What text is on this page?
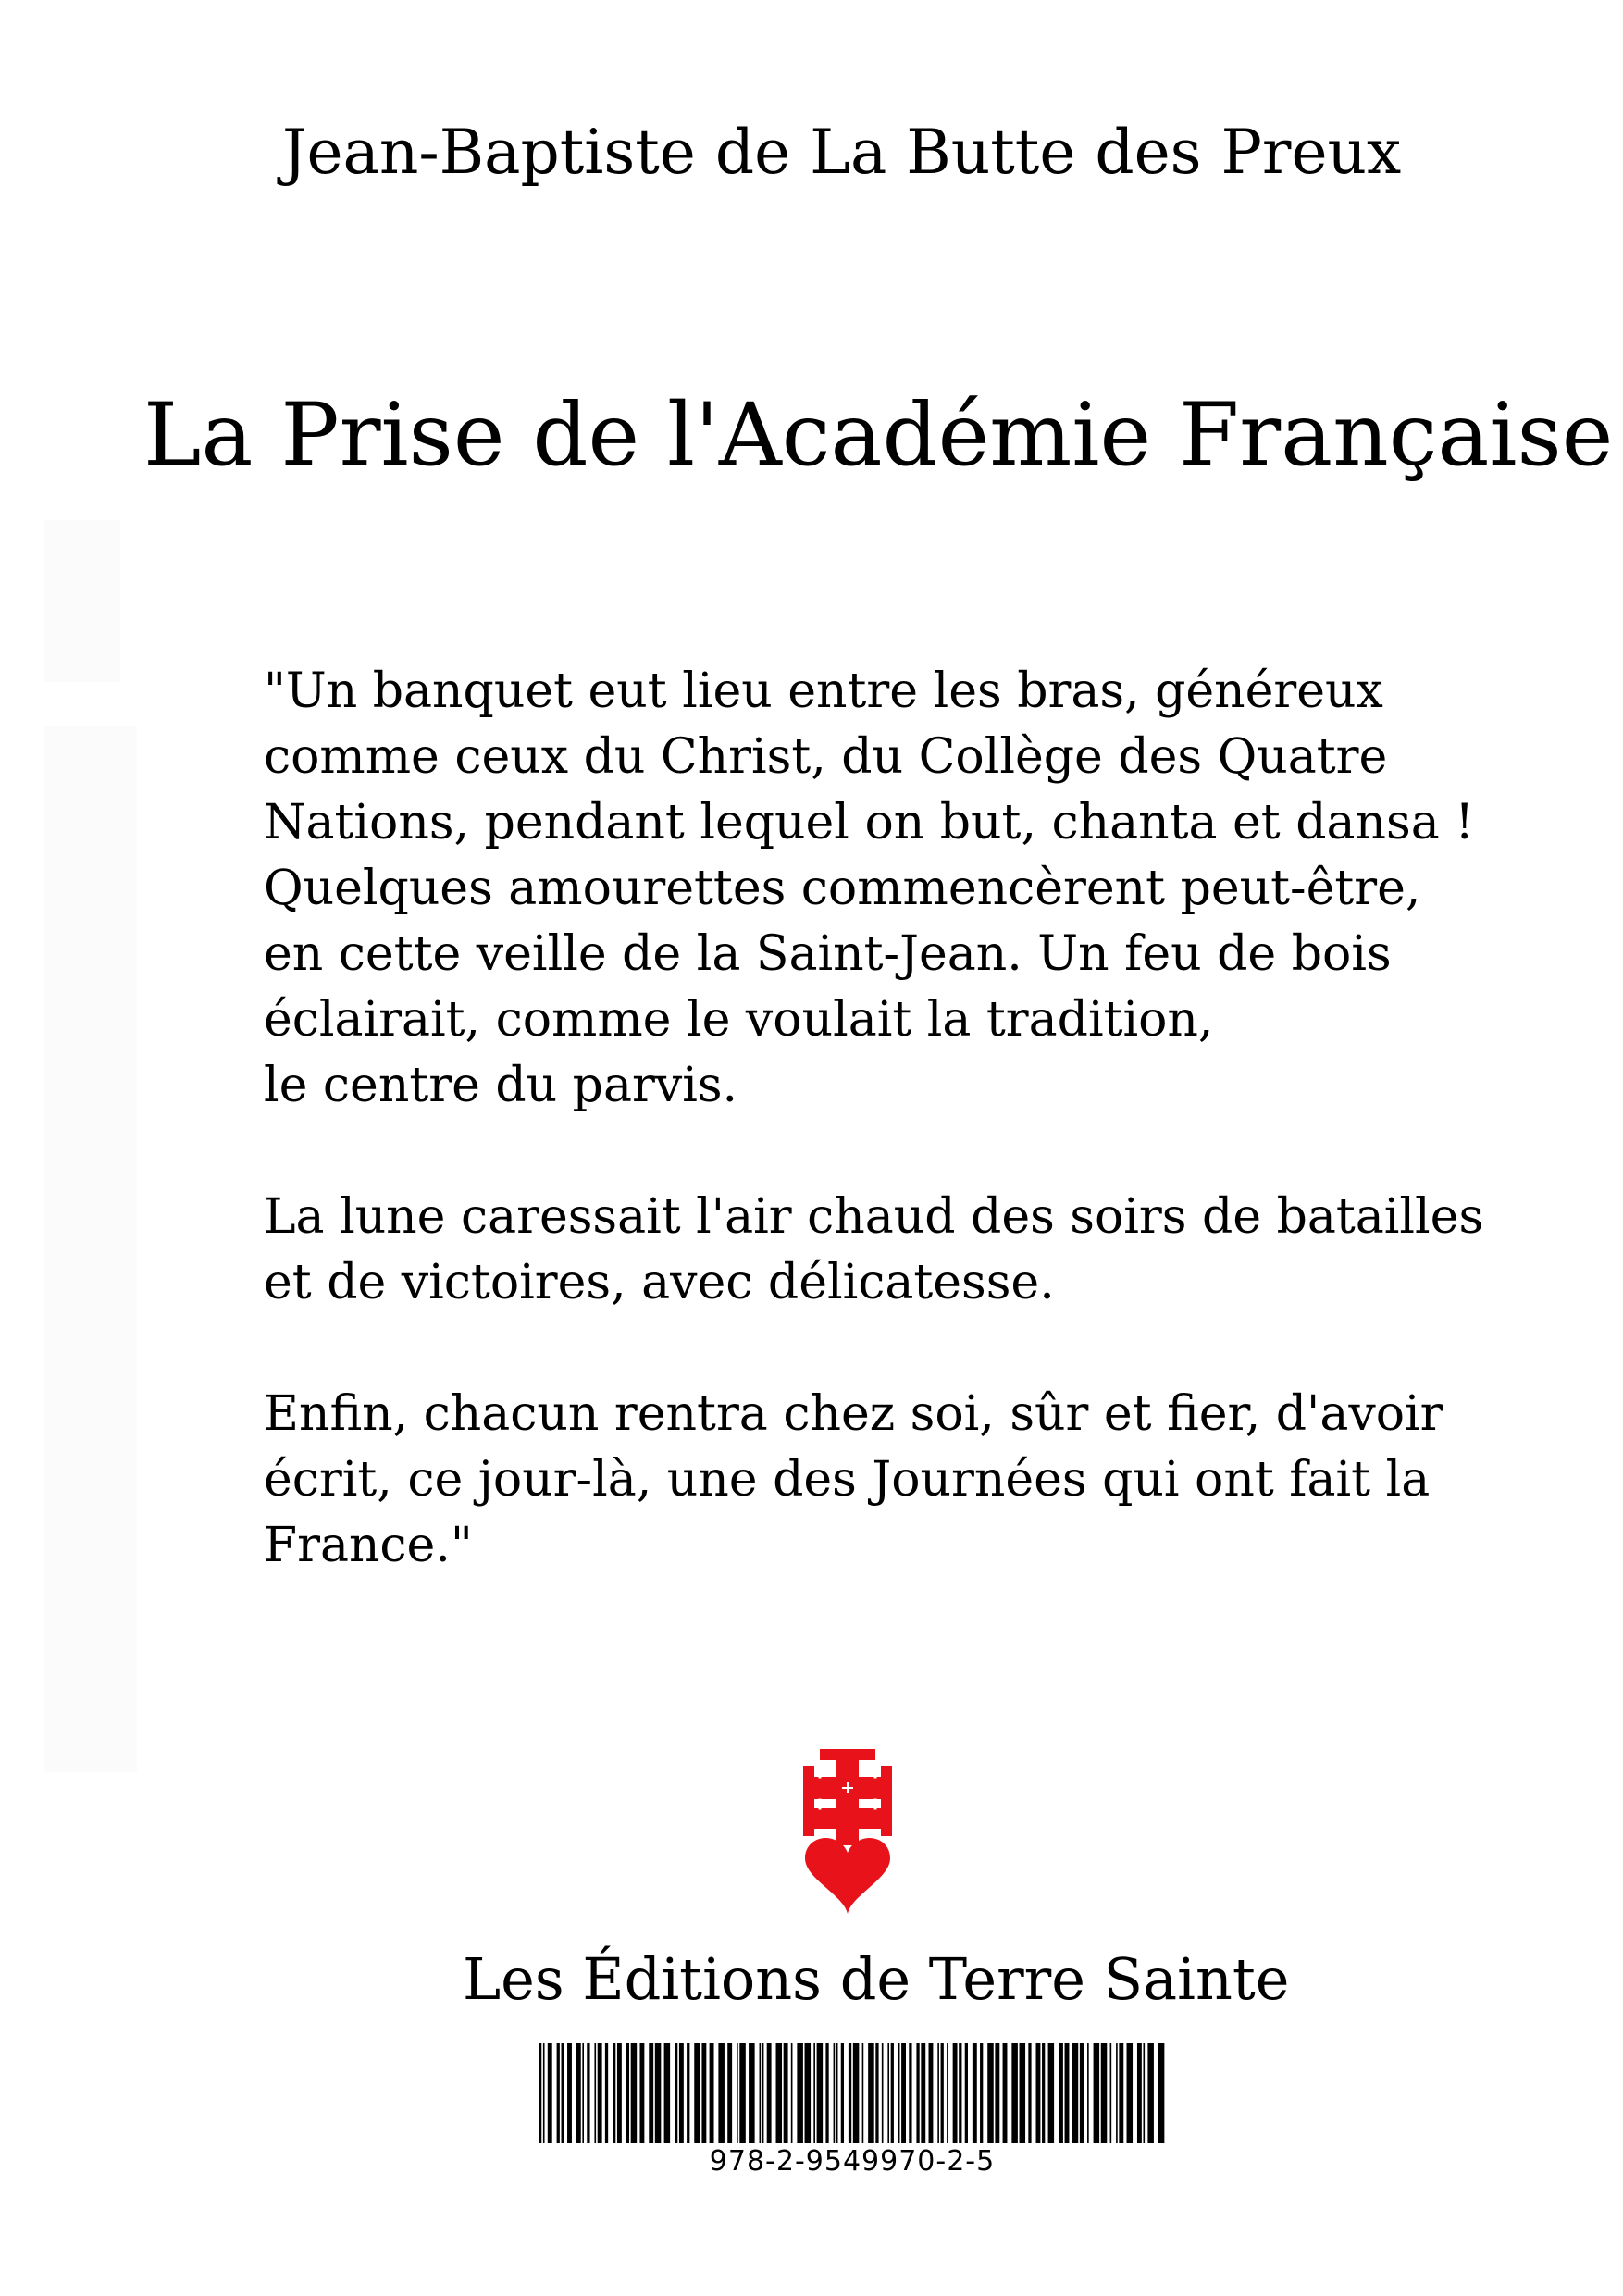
Jean-Baptiste de La Butte des Preux
La Prise de l'Académie Française

"Un banquet eut lieu entre les bras, généreux

comme ceux du Christ, du Collège des Quatre

Nations, pendant lequel on but, chanta et dansa !

Quelques amourettes commencèrent peut-être,

en cette veille de la Saint-Jean. Un feu de bois

éclairait, comme le voulait la tradition,

le centre du parvis.

La lune caressait l'air chaud des soirs de batailles

et de victoires, avec délicatesse.

Enfin, chacun rentra chez soi, sûr et fier, d'avoir

écrit, ce jour-là, une des Journées qui ont fait la

France."

Les Éditions de Terre Sainte
978-2-9549970-2-5
